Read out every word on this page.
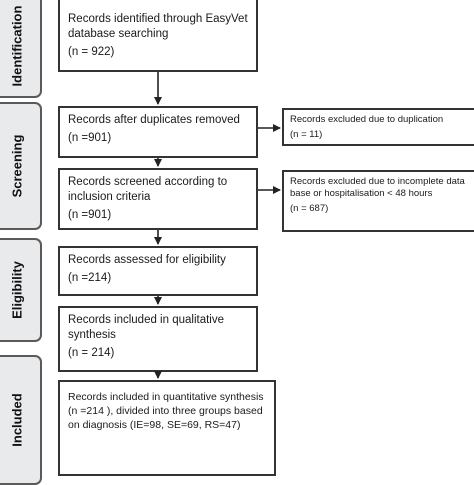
Identification
Screening
Eligibility
Included
Records identified through EasyVet database searching
(n = 922)
Records after duplicates removed
(n =901)
Records screened according to inclusion criteria
(n =901)
Records assessed for eligibility
(n =214)
Records included in qualitative synthesis
(n = 214)
Records included in quantitative synthesis (n =214 ), divided into three groups based on diagnosis (IE=98, SE=69, RS=47)
Records excluded due to duplication
(n = 11)
Records excluded due to incomplete data base or hospitalisation < 48 hours
(n = 687)
